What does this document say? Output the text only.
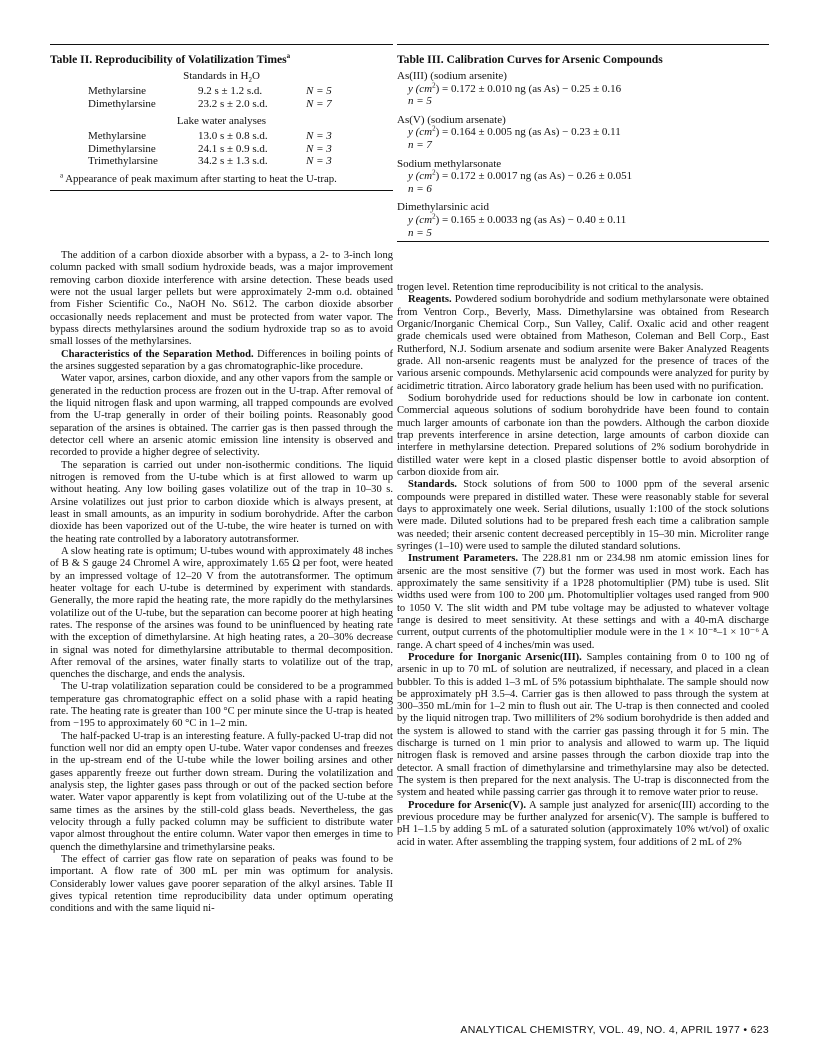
Table II. Reproducibility of Volatilization Times$^a$
Standards in $H_2O$
Methylarsine	9.2 s ± 1.2 s.d.	N = 5
Dimethylarsine	23.2 s ± 2.0 s.d.	N = 7
Lake water analyses
Methylarsine	13.0 s ± 0.8 s.d.	N = 3
Dimethylarsine	24.1 s ± 0.9 s.d.	N = 3
Trimethylarsine	34.2 s ± 1.3 s.d.	N = 3
$^a$ Appearance of peak maximum after starting to heat the U-trap.
Table III. Calibration Curves for Arsenic Compounds
As(III) (sodium arsenite)
y $(cm^2) = 0.172 \pm 0.010$ ng (as As) − 0.25 ± 0.16
n = 5
As(V) (sodium arsenate)
y $(cm^2) = 0.164 \pm 0.005$ ng (as As) − 0.23 ± 0.11
n = 7
Sodium methylarsonate
y $(cm^2) = 0.172 \pm 0.0017$ ng (as As) − 0.26 ± 0.051
n = 6
Dimethylarsinic acid
y $(cm^2) = 0.165 \pm 0.0033$ ng (as As) − 0.40 ± 0.11
n = 5

The addition of a carbon dioxide absorber with a bypass, a 2- to 3-inch long column packed with small sodium hydroxide beads, was a major improvement removing carbon dioxide interference with arsine detection. These beads used were not the usual larger pellets but were approximately 2-mm o.d. obtained from Fisher Scientific Co., NaOH No. S612. The carbon dioxide absorber occasionally needs replacement and must be protected from water vapor. The bypass directs methylarsines around the sodium hydroxide trap so as to avoid small losses of the methylarsines.

Characteristics of the Separation Method. Differences in boiling points of the arsines suggested separation by a gas chromatographic-like procedure.

Water vapor, arsines, carbon dioxide, and any other vapors from the sample or generated in the reduction process are frozen out in the U-trap. After removal of the liquid nitrogen flask and upon warming, all trapped compounds are evolved from the U-trap generally in order of their boiling points. Reasonably good separation of the arsines is obtained. The carrier gas is then passed through the detector cell where an arsenic atomic emission line intensity is observed and recorded to provide a higher degree of selectivity.

The separation is carried out under non-isothermic conditions. The liquid nitrogen is removed from the U-tube which is at first allowed to warm up without heating. Any low boiling gases volatilize out of the trap in 10–30 s. Arsine volatilizes out just prior to carbon dioxide which is always present, at least in small amounts, as an impurity in sodium borohydride. After the carbon dioxide has been vaporized out of the U-tube, the wire heater is turned on with the heating rate controlled by a laboratory autotransformer.

A slow heating rate is optimum; U-tubes wound with approximately 48 inches of B & S gauge 24 Chromel A wire, approximately 1.65 Ω per foot, were heated by an impressed voltage of 12–20 V from the autotransformer. The optimum heater voltage for each U-tube is determined by experiment with standards. Generally, the more rapid the heating rate, the more rapidly do the methylarsines volatilize out of the U-tube, but the separation can become poorer at high heating rates. The response of the arsines was found to be uninfluenced by heating rate with the exception of dimethylarsine. At high heating rates, a 20–30% decrease in signal was noted for dimethylarsine attributable to thermal decomposition. After removal of the arsines, water finally starts to volatilize out of the trap, quenches the discharge, and ends the analysis.

The U-trap volatilization separation could be considered to be a programmed temperature gas chromatographic effect on a solid phase with a rapid heating rate. The heating rate is greater than 100 °C per minute since the U-trap is heated from −195 to approximately 60 °C in 1–2 min.

The half-packed U-trap is an interesting feature. A fully-packed U-trap did not function well nor did an empty open U-tube. Water vapor condenses and freezes in the up-stream end of the U-tube while the lower boiling arsines and other gases apparently freeze out further down stream. During the volatilization and analysis step, the lighter gases pass through or out of the packed section before water. Water vapor apparently is kept from volatilizing out of the U-tube at the same times as the arsines by the still-cold glass beads. Nevertheless, the gas velocity through a fully packed column may be sufficient to distribute water vapor almost throughout the entire column. Water vapor then emerges in time to quench the dimethylarsine and trimethylarsine peaks.

The effect of carrier gas flow rate on separation of peaks was found to be important. A flow rate of 300 mL per min was optimum for analysis. Considerably lower values gave poorer separation of the alkyl arsines. Table II gives typical retention time reproducibility data under optimum operating conditions and with the same liquid ni-

trogen level. Retention time reproducibility is not critical to the analysis.

Reagents. Powdered sodium borohydride and sodium methylarsonate were obtained from Ventron Corp., Beverly, Mass. Dimethylarsine was obtained from Research Organic/Inorganic Chemical Corp., Sun Valley, Calif. Oxalic acid and other reagent grade chemicals used were obtained from Matheson, Coleman and Bell Corp., East Rutherford, N.J. Sodium arsenate and sodium arsenite were Baker Analyzed Reagents grade. All non-arsenic reagents must be analyzed for the presence of traces of the various arsenic compounds. Methylarsenic acid compounds were analyzed for purity by acidimetric titration. Airco laboratory grade helium has been used with no purification.

Sodium borohydride used for reductions should be low in carbonate ion content. Commercial aqueous solutions of sodium borohydride have been found to contain much larger amounts of carbonate ion than the powders. Although the carbon dioxide trap prevents interference in arsine detection, large amounts of carbon dioxide can interfere in methylarsine detection. Prepared solutions of 2% sodium borohydride in distilled water were kept in a closed plastic dispenser bottle to avoid absorption of carbon dioxide from air.

Standards. Stock solutions of from 500 to 1000 ppm of the several arsenic compounds were prepared in distilled water. These were reasonably stable for several days to approximately one week. Serial dilutions, usually 1:100 of the stock solutions were made. Diluted solutions had to be prepared fresh each time a calibration sample was needed; their arsenic content decreased perceptibly in 15–30 min. Microliter range syringes (1–10) were used to sample the diluted standard solutions.

Instrument Parameters. The 228.81 nm or 234.98 nm atomic emission lines for arsenic are the most sensitive (7) but the former was used in most work. Each has approximately the same sensitivity if a 1P28 photomultiplier (PM) tube is used. Slit widths used were from 100 to 200 μm. Photomultiplier voltages used ranged from 900 to 1050 V. The slit width and PM tube voltage may be adjusted to whatever voltage range is desired to meet sensitivity. At these settings and with a 40-mA discharge current, output currents of the photomultiplier module were in the 1 × 10⁻⁸–1 × 10⁻⁶ A range. A chart speed of 4 inches/min was used.

Procedure for Inorganic Arsenic(III). Samples containing from 0 to 100 ng of arsenic in up to 70 mL of solution are neutralized, if necessary, and placed in a clean bubbler. To this is added 1–3 mL of 5% potassium biphthalate. The sample should now be approximately pH 3.5–4. Carrier gas is then allowed to pass through the system at 300–350 mL/min for 1–2 min to flush out air. The U-trap is then connected and cooled by the liquid nitrogen trap. Two milliliters of 2% sodium borohydride is then added and the system is allowed to stand with the carrier gas passing through it for 5 min. The discharge is turned on 1 min prior to analysis and allowed to warm up. The liquid nitrogen flask is removed and arsine passes through the carbon dioxide trap into the detector. A small fraction of dimethylarsine and trimethylarsine may also be detected. The system is then prepared for the next analysis. The U-trap is disconnected from the system and heated while passing carrier gas through it to remove water prior to reuse.

Procedure for Arsenic(V). A sample just analyzed for arsenic(III) according to the previous procedure may be further analyzed for arsenic(V). The sample is buffered to pH 1–1.5 by adding 5 mL of a saturated solution (approximately 10% wt/vol) of oxalic acid in water. After assembling the trapping system, four additions of 2 mL of 2%

ANALYTICAL CHEMISTRY, VOL. 49, NO. 4, APRIL 1977 • 623
